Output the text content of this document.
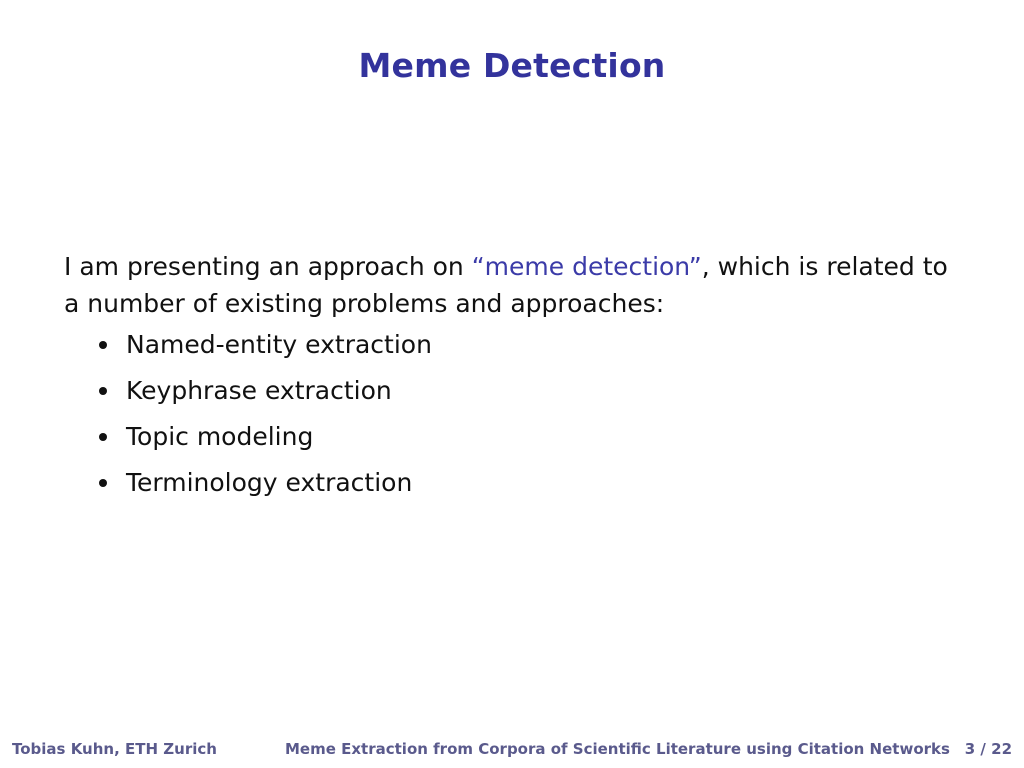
Meme Detection

I am presenting an approach on “meme detection”, which is related to a number of existing problems and approaches:

Named-entity extraction
Keyphrase extraction
Topic modeling
Terminology extraction
Tobias Kuhn, ETH Zurich	Meme Extraction from Corpora of Scientific Literature using Citation Networks 3 / 22
